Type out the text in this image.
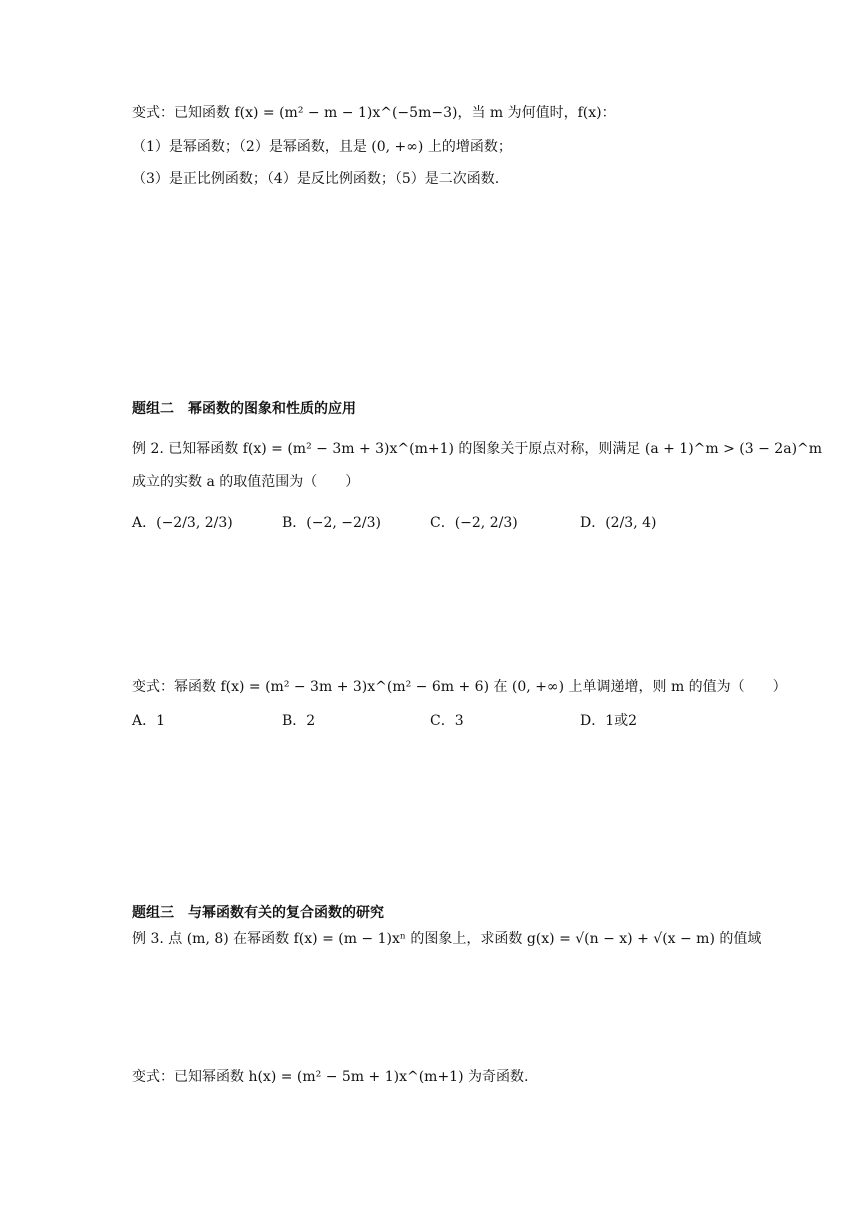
变式：已知函数 f(x) = (m² − m − 1)x^(−5m−3)，当 m 为何值时，f(x)：
（1）是幂函数；（2）是幂函数，且是 (0, +∞) 上的增函数；
（3）是正比例函数；（4）是反比例函数；（5）是二次函数.
题组二　幂函数的图象和性质的应用
例 2. 已知幂函数 f(x) = (m² − 3m + 3)x^(m+1) 的图象关于原点对称，则满足 (a + 1)^m > (3 − 2a)^m
成立的实数 a 的取值范围为（　　）
A．(−2/3, 2/3)	B．(−2, −2/3)	C．(−2, 2/3)	D．(2/3, 4)
变式：幂函数 f(x) = (m² − 3m + 3)x^(m² − 6m + 6) 在 (0, +∞) 上单调递增，则 m 的值为（　　）
A．1	B．2	C．3	D．1或2
题组三　与幂函数有关的复合函数的研究
例 3. 点 (m, 8) 在幂函数 f(x) = (m − 1)xⁿ 的图象上，求函数 g(x) = √(n − x) + √(x − m) 的值域
变式：已知幂函数 h(x) = (m² − 5m + 1)x^(m+1) 为奇函数.
